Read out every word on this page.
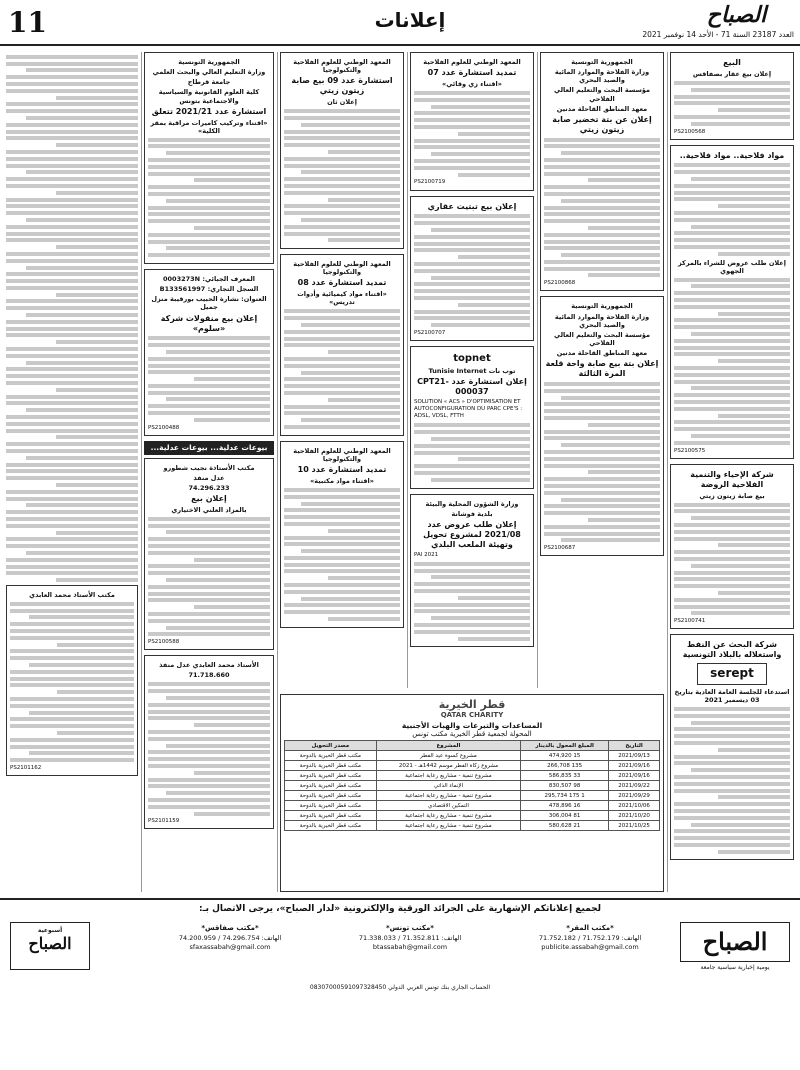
11	إعلانات	الصباح
العدد 23187 السنة 71 - الأحد 14 نوفمبر 2021
البيع
إعلان بيع عقار بصفاقس
PS2100568
مواد فلاحية.. مواد فلاحية..
إعلان طلب عروض للشراء بالمركز الجهوي
PS2100575
شركة الإحياء والتنمية الفلاحية الروضة
بيع صابة زيتون زيتي
PS2100741
شركة البحث عن النفط واستغلاله بالبلاد التونسية
serept
استدعاء للجلسة العامة العادية بتاريخ 03 ديسمبر 2021
الجمهورية التونسية
وزارة الفلاحة والموارد المائية والصيد البحري
مؤسسة البحث والتعليم العالي الفلاحي
معهد المناطق القاحلة مدنين
إعلان عن بتة تخضير صابة زيتون زيتي
PS2100868
الجمهورية التونسية
وزارة الفلاحة والموارد المائية والصيد البحري
مؤسسة البحث والتعليم العالي الفلاحي
معهد المناطق القاحلة مدنين
إعلان بتة بيع صابة واحة قلعة المرة الثالثة
PS2100687
المعهد الوطني للعلوم الفلاحية
تمديد استشارة عدد 07
«اقتناء زي وقائي»
PS2100719
إعلان بيع تبتيت عقاري
PS2100707
topnet
توب نات Tunisie Internet
إعلان استشارة عدد CPT21-000037
SOLUTION « ACS » D'OPTIMISATION ET AUTOCONFIGURATION DU PARC CPE'S : ADSL, VDSL, FTTH
وزارة الشؤون المحلية والبيئة
بلدية فوشانة
إعلان طلب عروض عدد 2021/08 لمشروع تحويل وتهيئة الملعب البلدي
PAI 2021
المعهد الوطني للعلوم الفلاحية والتكنولوجيا
استشارة عدد 09 بيع صابة زيتون زيتي
إعلان ثان
المعهد الوطني للعلوم الفلاحية والتكنولوجيا
تمديد استشارة عدد 08
«اقتناء مواد كيميائية وأدوات تدريس»
المعهد الوطني للعلوم الفلاحية والتكنولوجيا
تمديد استشارة عدد 10
«اقتناء مواد مكتبية»
الجمهورية التونسية
وزارة التعليم العالي والبحث العلمي
جامعة قرطاج
كلية العلوم القانونية والسياسية والاجتماعية بتونس
استشارة عدد 2021/21 تتعلق
«اقتناء وتركيب كاميرات مراقبة بمقر الكلية»
المعرف الجبائي: 0003273N
السجل التجاري: B133561997
العنوان: نشارة الحبيب بورقيبة منزل جميل
إعلان بيع منقولات شركة «سلوم»
PS2100488
بيوعات عدلية... بيوعات عدلية...
مكتب الأستاذة نجيب شطورو
عدل منفذ
74.296.233
إعلان بيع
بالمزاد العلني الاختياري
PS2100588
الأستاذ محمد العابدي عدل منفذ
71.718.660
PS2101159
مكتب الأستاذ محمد العابدي
PS2101162
قطر الخيرية
QATAR CHARITY
المساعدات والتبرعات والهبات الأجنبية
المحولة لجمعية قطر الخيرية مكتب تونس
التاريخ	المبلغ المحول بالدينار	المشروع	مصدر التحويل
2021/09/13	15 474,920	مشروع كسوة عيد الفطر	مكتب قطر الخيرية بالدوحة
2021/09/16	135 266,708	مشروع زكاة الفطر موسم 1442هـ - 2021	مكتب قطر الخيرية بالدوحة
2021/09/16	33 586,835	مشروع تنمية - مشاريع رعاية اجتماعية	مكتب قطر الخيرية بالدوحة
2021/09/22	98 830,507	الإنماء الذاتي	مكتب قطر الخيرية بالدوحة
2021/09/29	1 175 295,734	مشروع تنمية - مشاريع رعاية اجتماعية	مكتب قطر الخيرية بالدوحة
2021/10/06	16 478,896	التمكين الاقتصادي	مكتب قطر الخيرية بالدوحة
2021/10/20	81 306,004	مشروع تنمية - مشاريع رعاية اجتماعية	مكتب قطر الخيرية بالدوحة
2021/10/25	21 580,628	مشروع تنمية - مشاريع رعاية اجتماعية	مكتب قطر الخيرية بالدوحة
لجميع إعلاناتكم الإشهارية على الجرائد الورقية والإلكترونية «لدار الصباح»، يرجى الاتصال بـ:
الصباح
يومية إخبارية سياسية جامعة
*مكتب المقر*
الهاتف: 71.752.179 / 71.752.182
publicite.assabah@gmail.com
*مكتب تونس*
الهاتف: 71.352.811 / 71.338.033
btassabah@gmail.com
*مكتب صفاقس*
الهاتف: 74.296.754 / 74.200.959
sfaxassabah@gmail.com
أسبوعية
الصباح
الحساب الجاري بنك تونس العربي الدولي 08307000591097328450
